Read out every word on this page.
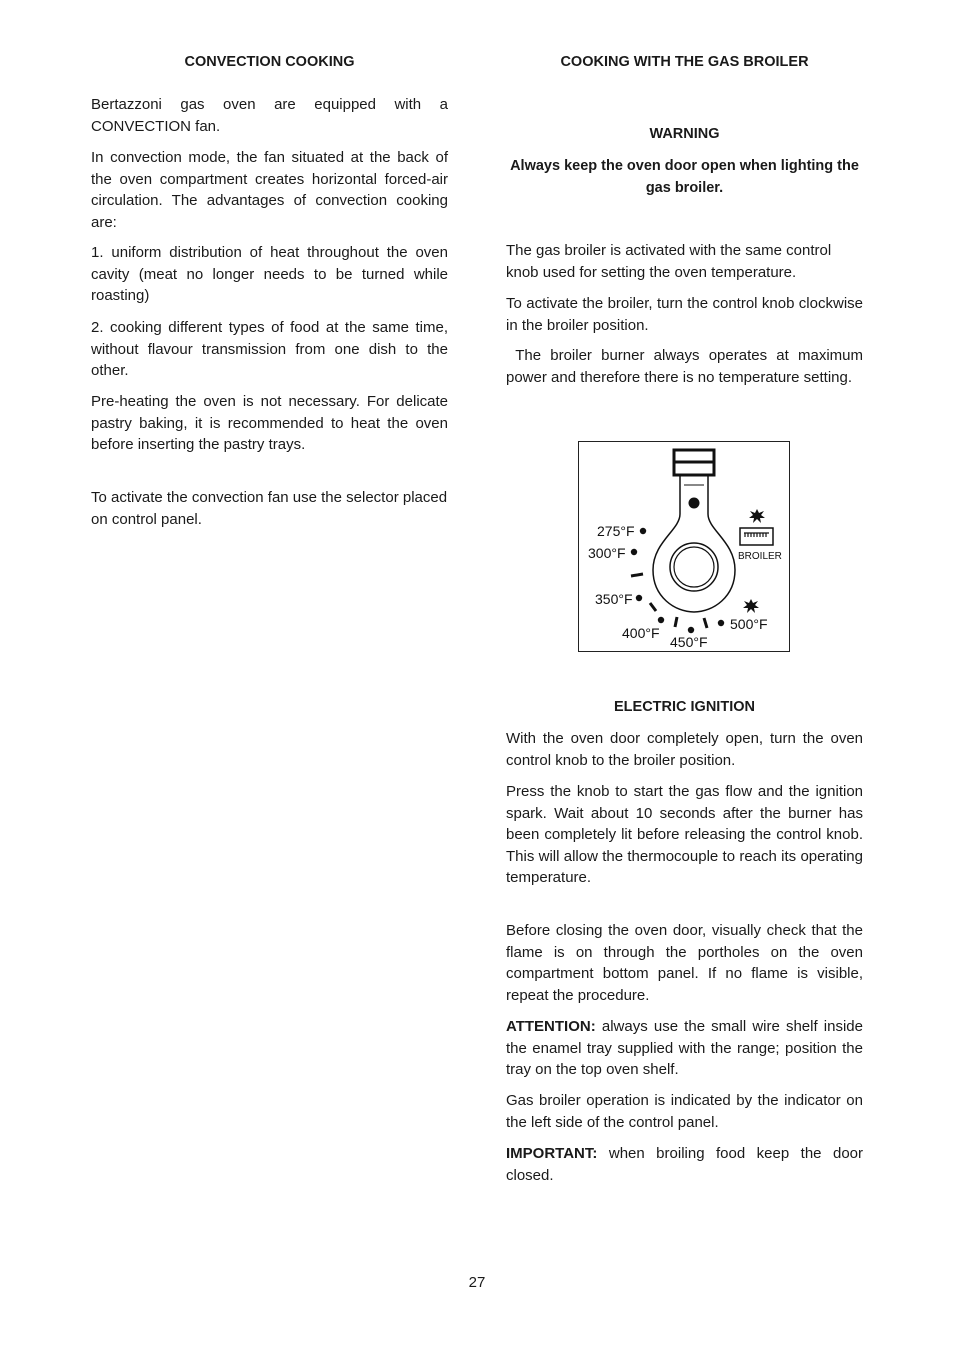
CONVECTION COOKING

Bertazzoni gas oven are equipped with a CONVECTION fan.

In convection mode, the fan situated at the back of the oven compartment creates horizontal forced-air circulation. The advantages of convection cooking are:

1. uniform distribution of heat throughout the oven cavity (meat no longer needs to be turned while roasting)

2. cooking different types of food at the same time, without flavour transmission from one dish to the other.

Pre-heating the oven is not necessary. For delicate pastry baking, it is recommended to heat the oven before inserting the pastry trays.

To activate the convection fan use the selector placed on control panel.

COOKING WITH THE GAS BROILER
WARNING

Always keep the oven door open when lighting the gas broiler.

The gas broiler is activated with the same control knob used for setting the oven temperature.

To activate the broiler, turn the control knob clockwise in the broiler position.

The broiler burner always operates at maximum power and therefore there is no temperature setting.

ELECTRIC IGNITION

With the oven door completely open, turn the oven control knob to the broiler position.

Press the knob to start the gas flow and the ignition spark. Wait about 10 seconds after the burner has been completely lit before releasing the control knob. This will allow the thermocouple to reach its operating temperature.

Before closing the oven door, visually check that the flame is on through the portholes on the oven compartment bottom panel. If no flame is visible, repeat the procedure.

ATTENTION: always use the small wire shelf inside the enamel tray supplied with the range; position the tray on the top oven shelf.

Gas broiler operation is indicated by the indicator on the left side of the control panel.

IMPORTANT: when broiling food keep the door closed.

275°F
300°F
350°F
400°F
450°F
500°F
BROILER
27
